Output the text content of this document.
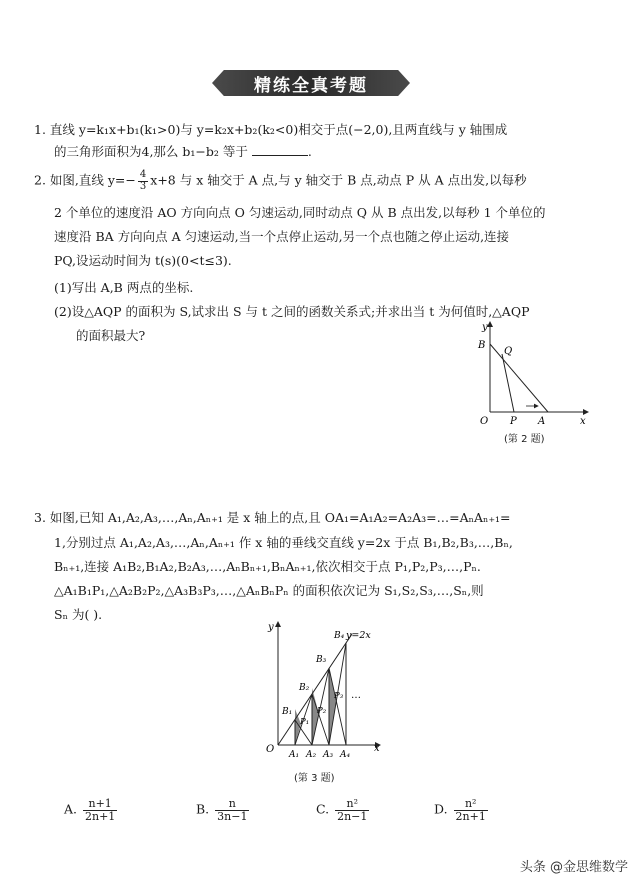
精练全真考题
1. 直线 y=k₁x+b₁(k₁>0)与 y=k₂x+b₂(k₂<0)相交于点(−2,0),且两直线与 y 轴围成
的三角形面积为4,那么 b₁−b₂ 等于	.
2. 如图,直线 $y=- \frac{4}{3} x+8$ 与 x 轴交于 A 点,与 y 轴交于 B 点,动点 P 从 A 点出发,以每秒
2 个单位的速度沿 AO 方向向点 O 匀速运动,同时动点 Q 从 B 点出发,以每秒 1 个单位的
速度沿 BA 方向向点 A 匀速运动,当一个点停止运动,另一个点也随之停止运动,连接
PQ,设运动时间为 t(s)(0<t≤3).
(1)写出 A,B 两点的坐标.
(2)设△AQP 的面积为 S,试求出 S 与 t 之间的函数关系式;并求出当 t 为何值时,△AQP
的面积最大?
y
x
B
Q
O P A
(第 2 题)
3. 如图,已知 A₁,A₂,A₃,…,Aₙ,Aₙ₊₁ 是 x 轴上的点,且 OA₁=A₁A₂=A₂A₃=…=AₙAₙ₊₁=
1,分别过点 A₁,A₂,A₃,…,Aₙ,Aₙ₊₁ 作 x 轴的垂线交直线 y=2x 于点 B₁,B₂,B₃,…,Bₙ,
Bₙ₊₁,连接 A₁B₂,B₁A₂,B₂A₃,…,AₙBₙ₊₁,BₙAₙ₊₁,依次相交于点 P₁,P₂,P₃,…,Pₙ.
△A₁B₁P₁,△A₂B₂P₂,△A₃B₃P₃,…,△AₙBₙPₙ 的面积依次记为 S₁,S₂,S₃,…,Sₙ,则
Sₙ 为( ).
y
x
O
y=2x
B₄
B₃
B₂
B₁
P₁
P₂
P₃ …
A₁ A₂ A₃ A₄
(第 3 题)
A. $\frac{n+1}{2n+1}$	B. $\frac{n}{3n-1}$	C. $\frac{\text{n²}}{2n-1}$	D. $\frac{\text{n²}}{2n+1}$
头条 @金思维数学
